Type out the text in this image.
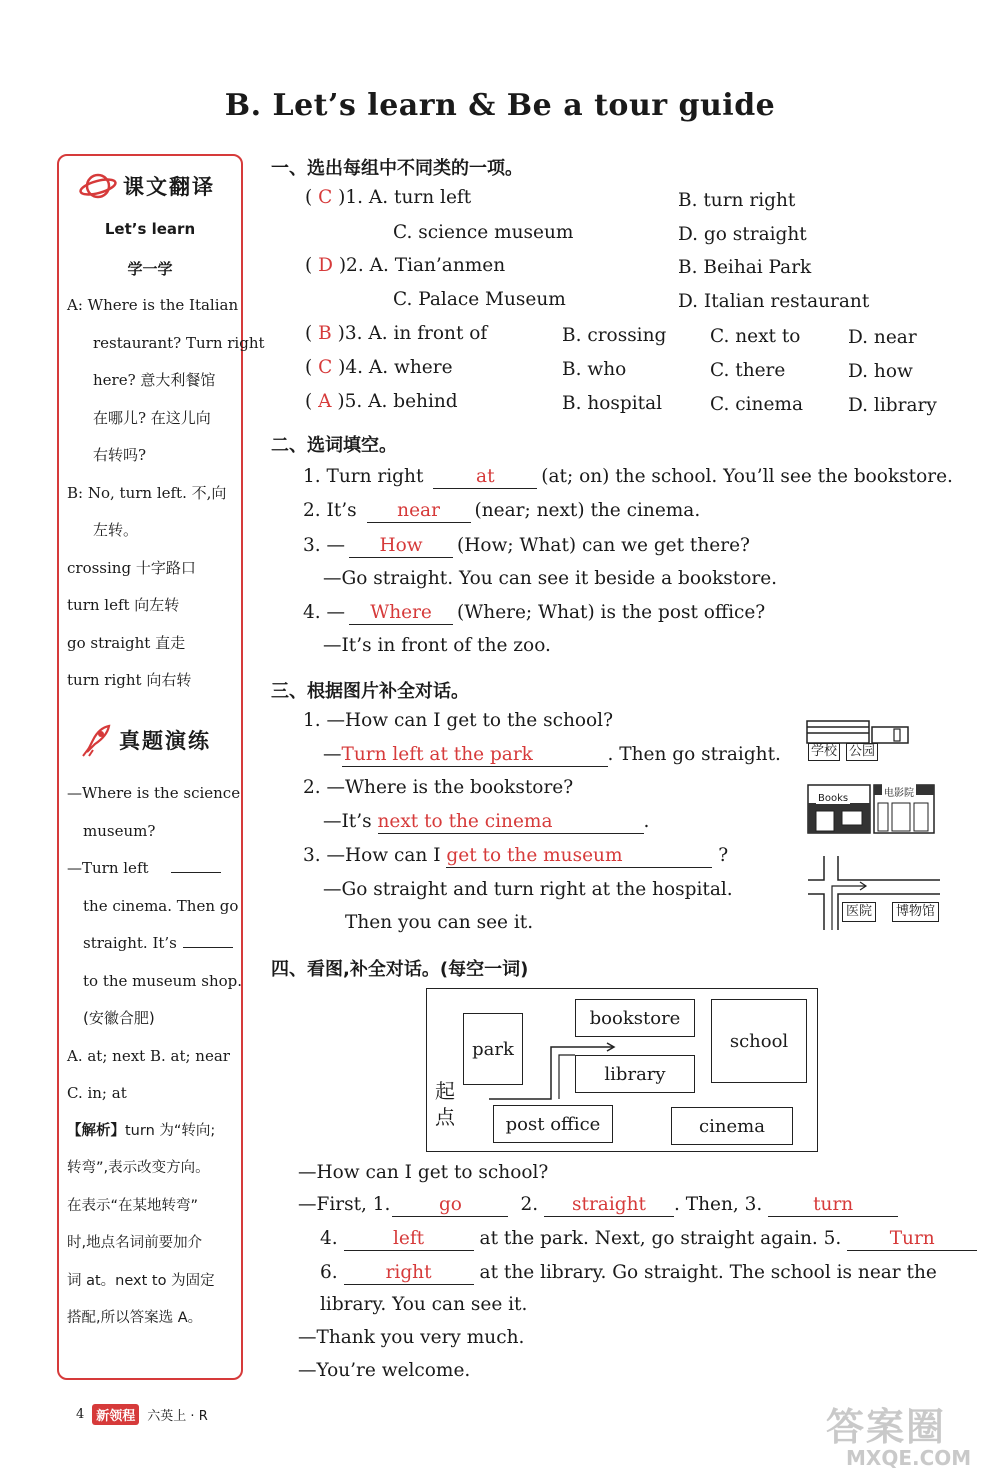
B. Let’s learn & Be a tour guide
课文翻译
Let’s learn
学一学
A: Where is the Italian
restaurant? Turn right
here? 意大利餐馆
在哪儿? 在这儿向
右转吗?
B: No, turn left. 不,向
左转。
crossing 十字路口
turn left 向左转
go straight 直走
turn right 向右转
真题演练
—Where is the science
museum?
—Turn left
the cinema. Then go
straight. It’s
to the museum shop.
(安徽合肥)
A. at; next B. at; near
C. in; at
【解析】turn 为“转向;
转弯”,表示改变方向。
在表示“在某地转弯”
时,地点名词前要加介
词 at。next to 为固定
搭配,所以答案选 A。
一、选出每组中不同类的一项。
( C )1. A. turn left	B. turn right
C. science museum	D. go straight
( D )2. A. Tian’anmen	B. Beihai Park
C. Palace Museum	D. Italian restaurant
( B )3. A. in front of	B. crossing C. next to	D. near
( C )4. A. where	B. who	C. there	D. how
( A )5. A. behind	B. hospital	C. cinema D. library
二、选词填空。
1. Turn right	at	(at; on) the school. You’ll see the bookstore.
2. It’s near (near; next) the cinema.
3. — How (How; What) can we get there?
—Go straight. You can see it beside a bookstore.
4. — Where (Where; What) is the post office?
—It’s in front of the zoo.
三、根据图片补全对话。
1. —How can I get to the school?
—Turn left at the park	. Then go straight.
2. —Where is the bookstore?
—It’s next to the cinema	.
3. —How can I get to the museum	?
—Go straight and turn right at the hospital.
Then you can see it.
学校 公园
Books	电影院
医院	博物馆
四、看图,补全对话。(每空一词)
park
bookstore
library
school
post office	cinema
起
点
—How can I get to school?
—First, 1.	go	2. straight . Then, 3.	turn
4.	left	at the park. Next, go straight again. 5.	Turn
6.	right	at the library. Go straight. The school is near the
library. You can see it.
—Thank you very much.
—You’re welcome.
4 新领程 六英上 · R	答案圈
MXQE.COM
